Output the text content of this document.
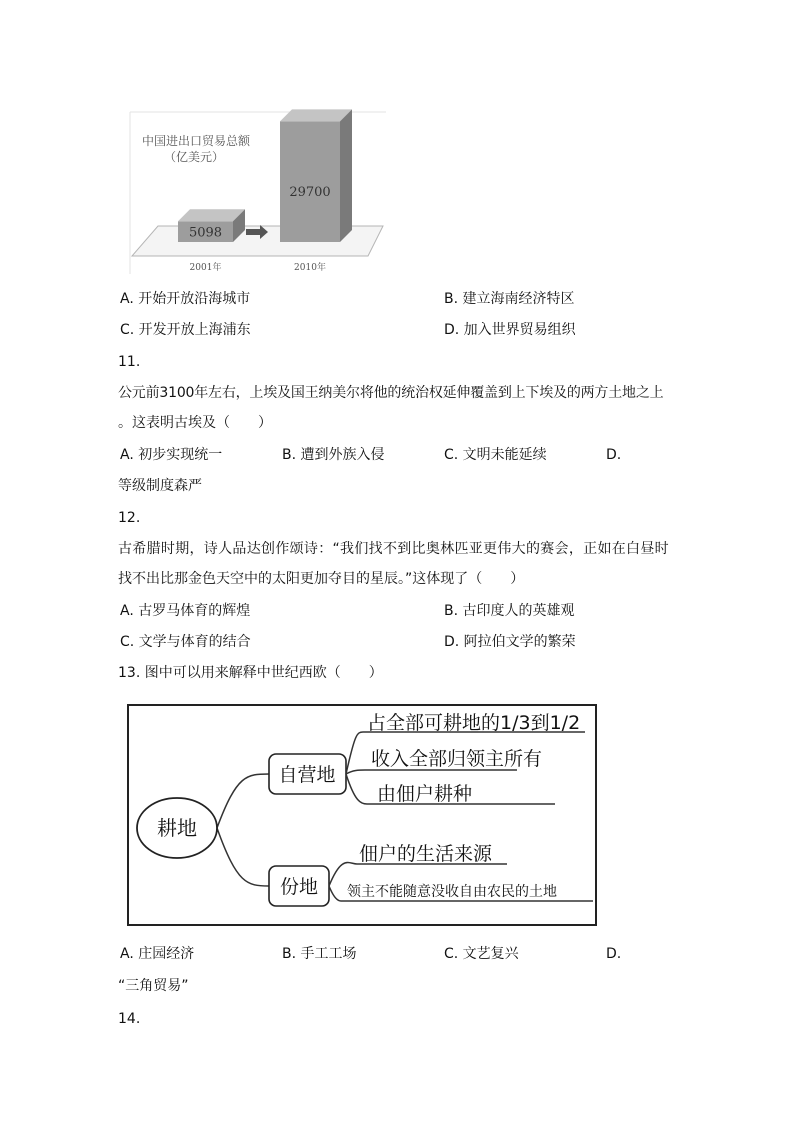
中国进出口贸易总额
（亿美元）
5098
29700
2001年	2010年
A. 开始开放沿海城市	B. 建立海南经济特区
C. 开发开放上海浦东	D. 加入世界贸易组织
11.
公元前3100年左右，上埃及国王纳美尔将他的统治权延伸覆盖到上下埃及的两方土地之上
。这表明古埃及（　　）
A. 初步实现统一	B. 遭到外族入侵	C. 文明未能延续	D.
等级制度森严
12.
古希腊时期，诗人品达创作颂诗：“我们找不到比奥林匹亚更伟大的赛会，正如在白昼时
找不出比那金色天空中的太阳更加夺目的星辰。”这体现了（　　）
A. 古罗马体育的辉煌	B. 古印度人的英雄观
C. 文学与体育的结合	D. 阿拉伯文学的繁荣
13. 图中可以用来解释中世纪西欧（　　）
耕地
自营地
占全部可耕地的1/3到1/2
收入全部归领主所有
由佃户耕种
份地
佃户的生活来源
领主不能随意没收自由农民的土地
A. 庄园经济	B. 手工工场	C. 文艺复兴	D.
“三角贸易”
14.
